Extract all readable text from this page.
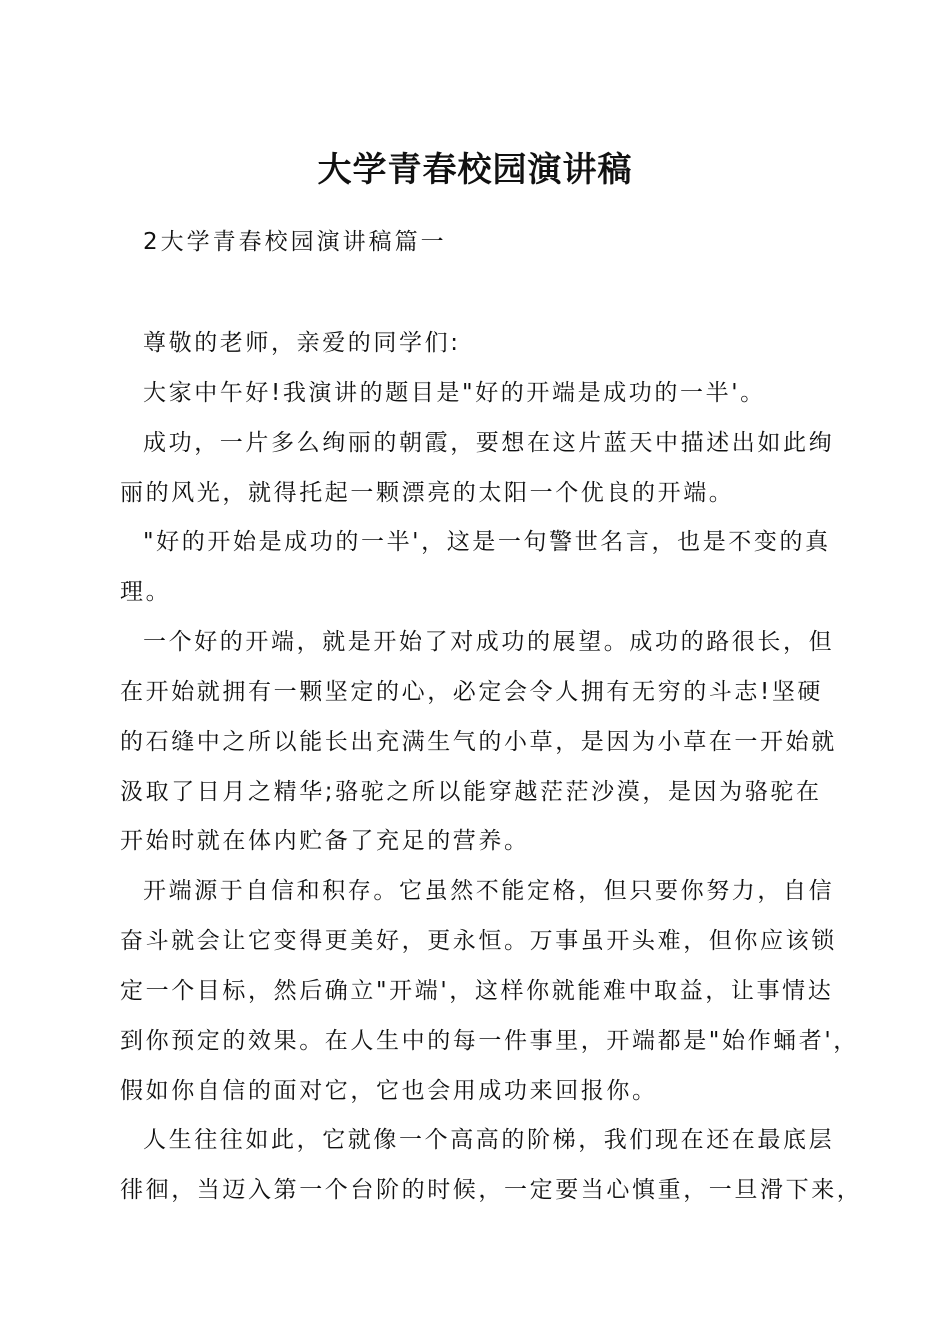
大学青春校园演讲稿

2大学青春校园演讲稿篇一

尊敬的老师，亲爱的同学们:

大家中午好!我演讲的题目是"好的开端是成功的一半'。

成功，一片多么绚丽的朝霞，要想在这片蓝天中描述出如此绚

丽的风光，就得托起一颗漂亮的太阳一个优良的开端。

"好的开始是成功的一半'，这是一句警世名言，也是不变的真

理。

一个好的开端，就是开始了对成功的展望。成功的路很长，但

在开始就拥有一颗坚定的心，必定会令人拥有无穷的斗志!坚硬

的石缝中之所以能长出充满生气的小草，是因为小草在一开始就

汲取了日月之精华;骆驼之所以能穿越茫茫沙漠，是因为骆驼在

开始时就在体内贮备了充足的营养。

开端源于自信和积存。它虽然不能定格，但只要你努力，自信

奋斗就会让它变得更美好，更永恒。万事虽开头难，但你应该锁

定一个目标，然后确立"开端'，这样你就能难中取益，让事情达

到你预定的效果。在人生中的每一件事里，开端都是"始作蛹者'，

假如你自信的面对它，它也会用成功来回报你。

人生往往如此，它就像一个高高的阶梯，我们现在还在最底层

徘徊，当迈入第一个台阶的时候，一定要当心慎重，一旦滑下来，
